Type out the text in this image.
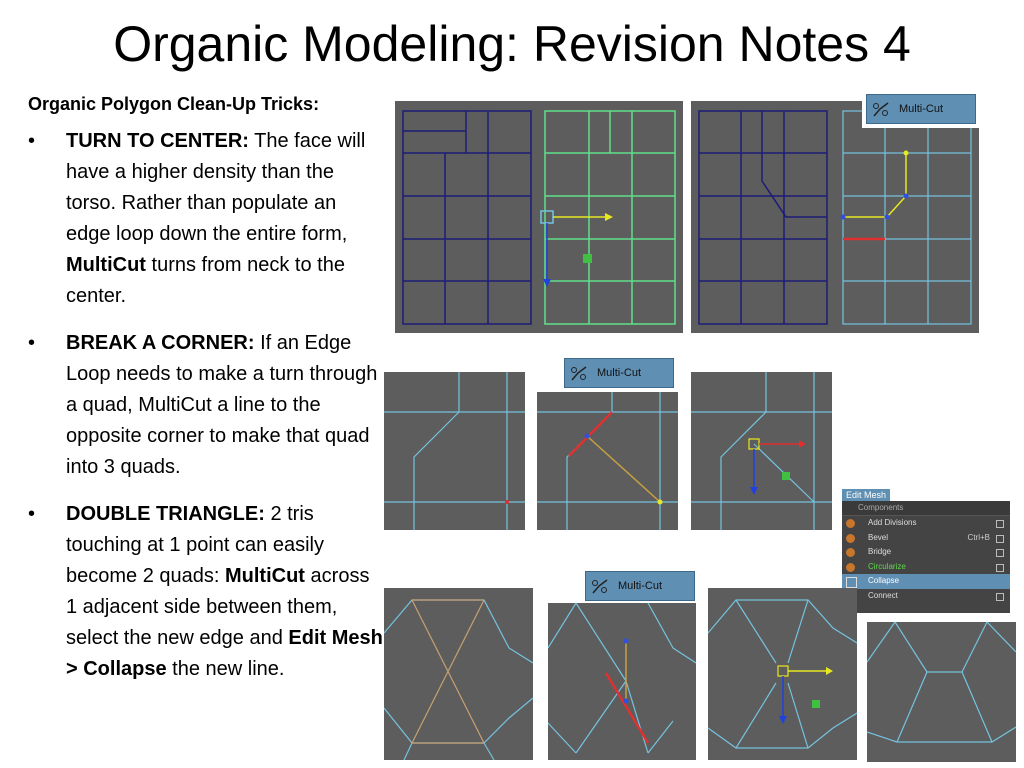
Organic Modeling: Revision Notes 4
Organic Polygon Clean-Up Tricks:
• TURN TO CENTER: The face will have a higher density than the torso. Rather than populate an edge loop down the entire form, MultiCut turns from neck to the center.
• BREAK A CORNER: If an Edge Loop needs to make a turn through a quad, MultiCut a line to the opposite corner to make that quad into 3 quads.
• DOUBLE TRIANGLE: 2 tris touching at 1 point can easily become 2 quads: MultiCut across 1 adjacent side between them, select the new edge and Edit Mesh > Collapse the new line.
Multi-Cut
Multi-Cut
Multi-Cut
Edit Mesh
Components
Add Divisions
Bevel	Ctrl+B
Bridge
Circularize
Collapse
Connect
